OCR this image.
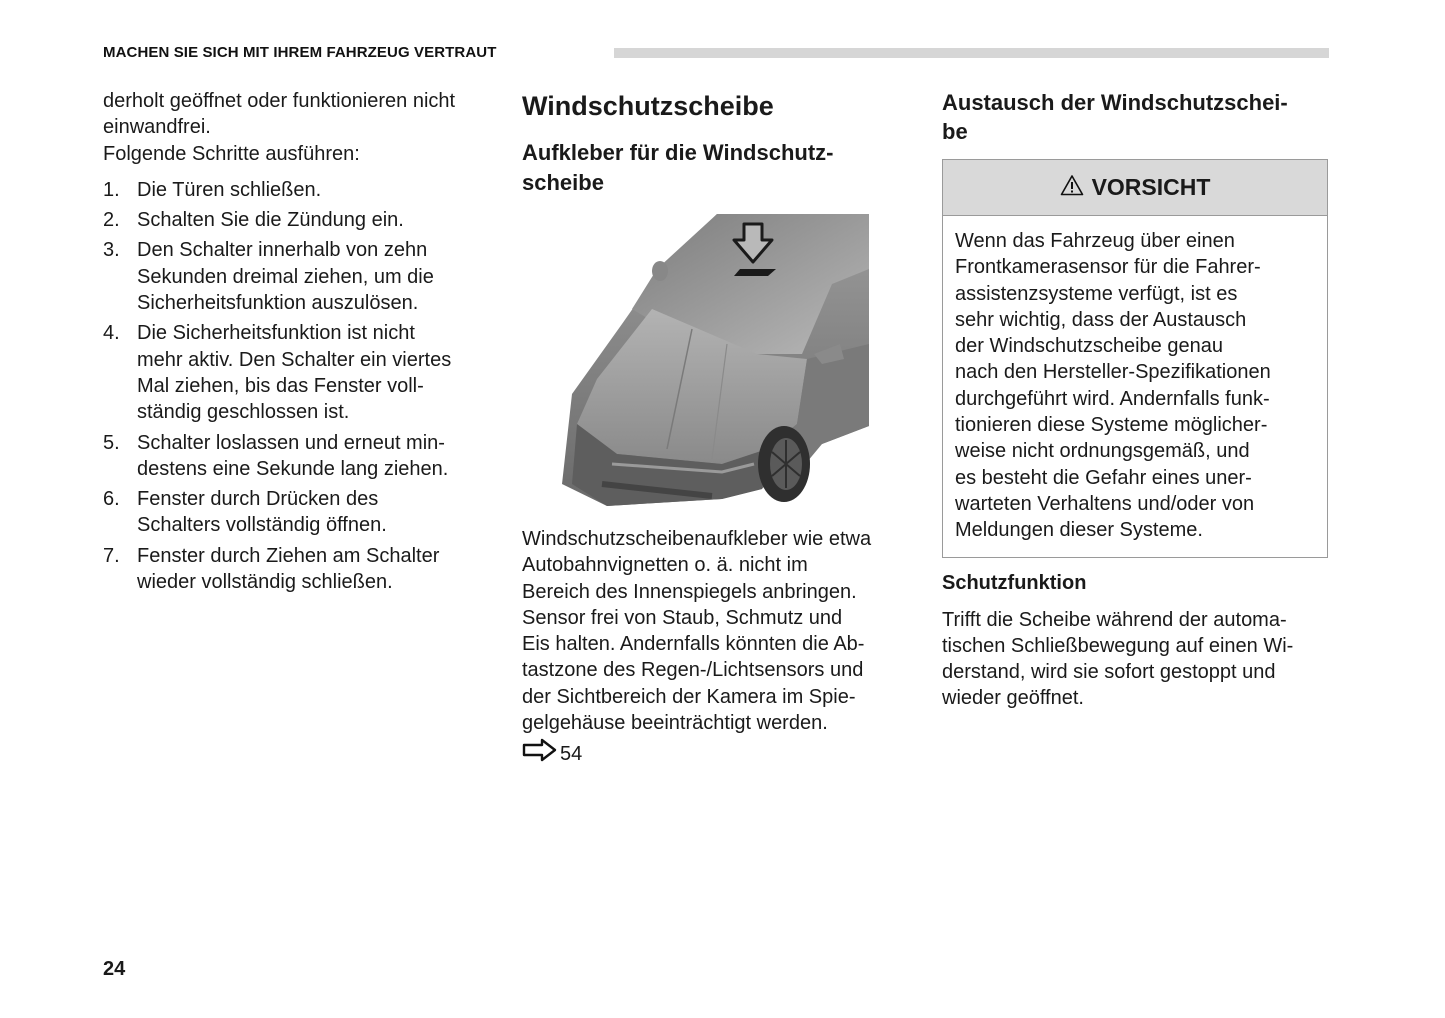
MACHEN SIE SICH MIT IHREM FAHRZEUG VERTRAUT

derholt geöffnet oder funktionieren nicht
einwandfrei.
Folgende Schritte ausführen:

1. Die Türen schließen.
2. Schalten Sie die Zündung ein.
3. Den Schalter innerhalb von zehn
Sekunden dreimal ziehen, um die
Sicherheitsfunktion auszulösen.
4. Die Sicherheitsfunktion ist nicht
mehr aktiv. Den Schalter ein viertes
Mal ziehen, bis das Fenster voll-
ständig geschlossen ist.
5. Schalter loslassen und erneut min-
destens eine Sekunde lang ziehen.
6. Fenster durch Drücken des
Schalters vollständig öffnen.
7. Fenster durch Ziehen am Schalter
wieder vollständig schließen.
Windschutzscheibe
Aufkleber für die Windschutz-
scheibe

Windschutzscheibenaufkleber wie etwa
Autobahnvignetten o. ä. nicht im
Bereich des Innenspiegels anbringen.
Sensor frei von Staub, Schmutz und
Eis halten. Andernfalls könnten die Ab-
tastzone des Regen-/Lichtsensors und
der Sichtbereich der Kamera im Spie-
gelgehäuse beeinträchtigt werden.

54
Austausch der Windschutzschei-
be
VORSICHT
Wenn das Fahrzeug über einen
Frontkamerasensor für die Fahrer-
assistenzsysteme verfügt, ist es
sehr wichtig, dass der Austausch
der Windschutzscheibe genau
nach den Hersteller-Spezifikationen
durchgeführt wird. Andernfalls funk-
tionieren diese Systeme möglicher-
weise nicht ordnungsgemäß, und
es besteht die Gefahr eines uner-
warteten Verhaltens und/oder von
Meldungen dieser Systeme.
Schutzfunktion

Trifft die Scheibe während der automa-
tischen Schließbewegung auf einen Wi-
derstand, wird sie sofort gestoppt und
wieder geöffnet.

24
